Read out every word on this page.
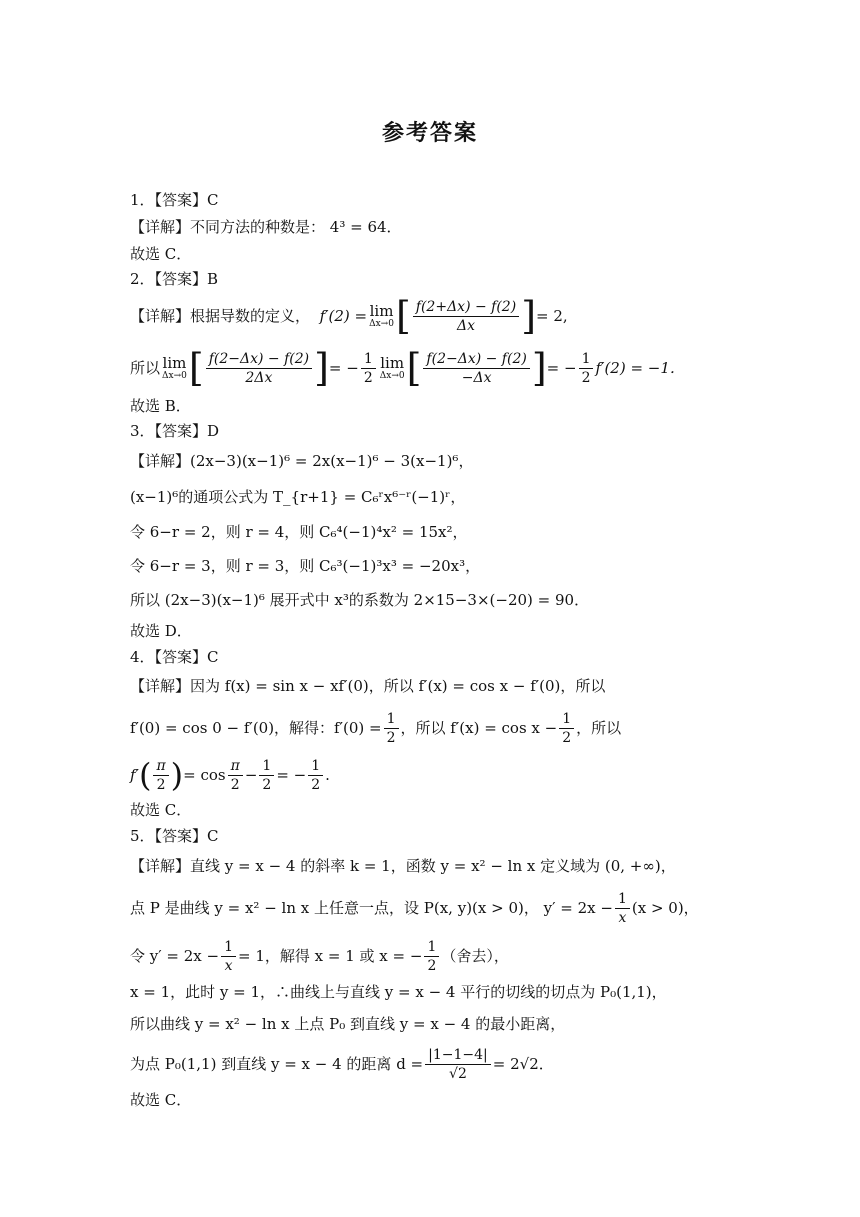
参考答案
1．【答案】C
【详解】不同方法的种数是： 4³ = 64．
故选 C．
2．【答案】B
【详解】根据导数的定义，
f′(2) = lim
Δx→0 [ $\frac{f(2+\Delta x) - f(2)}{\Delta x}$ ] = 2,
所以 lim
Δx→0 [ $\frac{f(2-\Delta x) - f(2)}{2\Delta x}$ ] = − $\frac{1}{2}$ lim
Δx→0 [ $\frac{f(2-\Delta x) - f(2)}{-\Delta x}$ ] = − $\frac{1}{2} f'(2) = -1$．
故选 B．
3．【答案】D
【详解】(2x−3)(x−1)⁶ = 2x(x−1)⁶ − 3(x−1)⁶，
(x−1)⁶的通项公式为 T_{r+1} = C₆ʳx⁶⁻ʳ(−1)ʳ，
令 6−r = 2，则 r = 4，则 C₆⁴(−1)⁴x² = 15x²，
令 6−r = 3，则 r = 3，则 C₆³(−1)³x³ = −20x³，
所以 (2x−3)(x−1)⁶ 展开式中 x³的系数为 2×15−3×(−20) = 90．
故选 D．
4．【答案】C
【详解】因为 f(x) = sin x − xf′(0)，所以 f′(x) = cos x − f′(0)，所以
f′(0) = cos 0 − f′(0)，解得：$f'(0) = \frac{1}{2}$ ，所以 $f'(x) = \cos x - \frac{1}{2}$ ，所以
f′ ( $\frac{\pi}{2}$ ) = $\cos \frac{\pi}{2} - \frac{1}{2}$ = − $\frac{1}{2}$ .
故选 C．
5．【答案】C
【详解】直线 y = x − 4 的斜率 k = 1，函数 y = x² − ln x 定义域为 (0, +∞)，
点 P 是曲线 y = x² − ln x 上任意一点，设 P(x, y)(x > 0)， $y' = 2x - \frac{1}{x} (x > 0)$，
令 $y' = 2x - \frac{1}{x} = 1$，解得 x = 1 或 x = − $\frac{1}{2}$ （舍去），
x = 1，此时 y = 1，∴曲线上与直线 y = x − 4 平行的切线的切点为 P₀(1,1)，
所以曲线 y = x² − ln x 上点 P₀ 到直线 y = x − 4 的最小距离，
为点 P₀(1,1) 到直线 y = x − 4 的距离 $d = \frac{|1-1-4|}{√2} = 2√2$．
故选 C．
